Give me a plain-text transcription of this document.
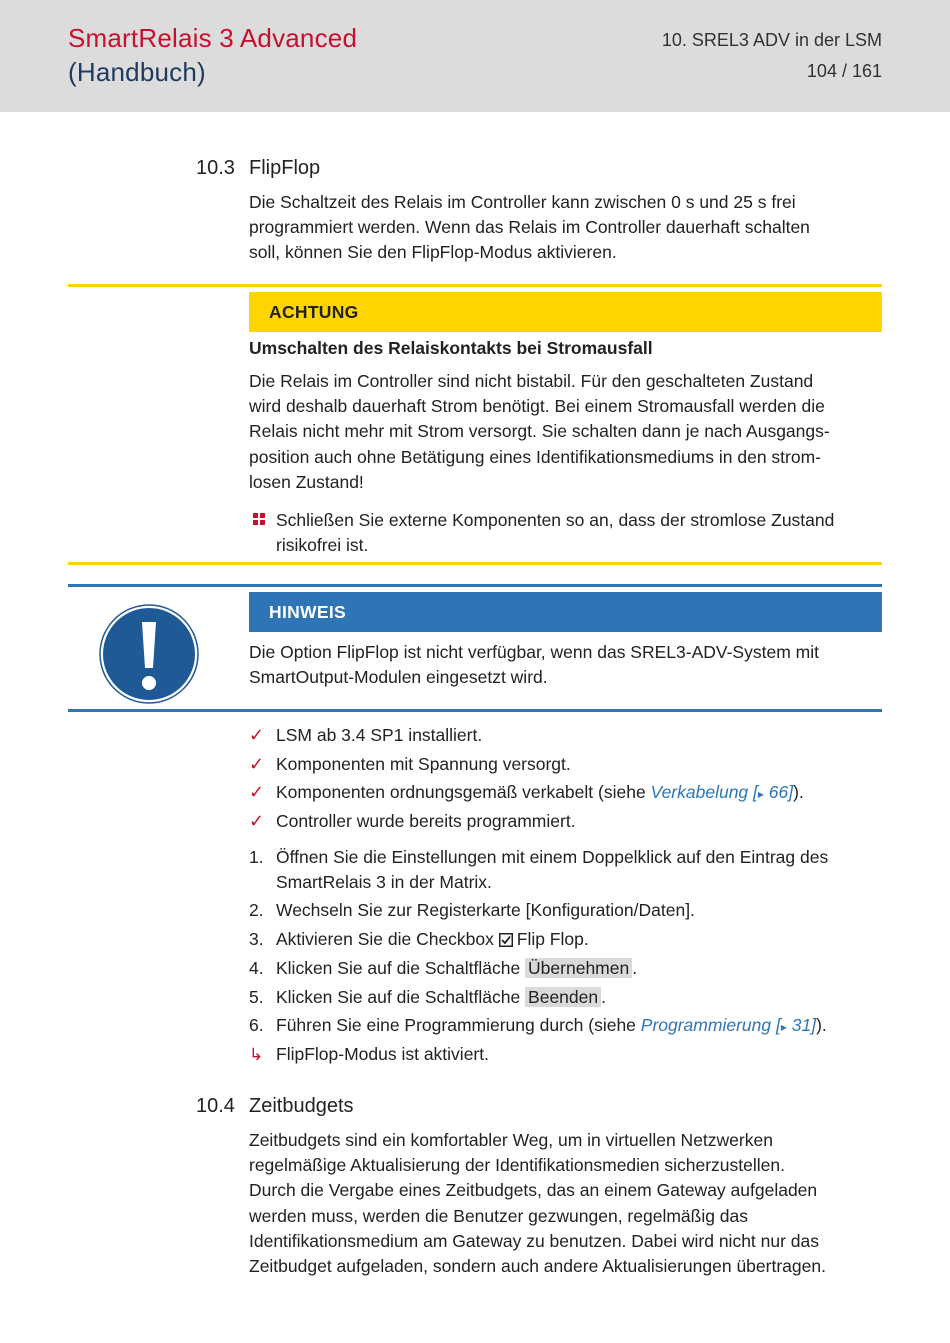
SmartRelais 3 Advanced
(Handbuch)
10. SREL3 ADV in der LSM
104 / 161
10.3 FlipFlop
Die Schaltzeit des Relais im Controller kann zwischen 0 s und 25 s frei
programmiert werden. Wenn das Relais im Controller dauerhaft schalten
soll, können Sie den FlipFlop-Modus aktivieren.
ACHTUNG
Umschalten des Relaiskontakts bei Stromausfall
Die Relais im Controller sind nicht bistabil. Für den geschalteten Zustand
wird deshalb dauerhaft Strom benötigt. Bei einem Stromausfall werden die
Relais nicht mehr mit Strom versorgt. Sie schalten dann je nach Ausgangs-
position auch ohne Betätigung eines Identifikationsmediums in den strom-
losen Zustand!
Schließen Sie externe Komponenten so an, dass der stromlose Zustand
risikofrei ist.
HINWEIS
Die Option FlipFlop ist nicht verfügbar, wenn das SREL3-ADV-System mit
SmartOutput-Modulen eingesetzt wird.
✓ LSM ab 3.4 SP1 installiert.
✓ Komponenten mit Spannung versorgt.
✓ Komponenten ordnungsgemäß verkabelt (siehe Verkabelung [▸ 66]).
✓ Controller wurde bereits programmiert.
1. Öffnen Sie die Einstellungen mit einem Doppelklick auf den Eintrag des
SmartRelais 3 in der Matrix.
2. Wechseln Sie zur Registerkarte [Konfiguration/Daten].
3. Aktivieren Sie die Checkbox Flip Flop.
4. Klicken Sie auf die Schaltfläche Übernehmen .
5. Klicken Sie auf die Schaltfläche Beenden .
6. Führen Sie eine Programmierung durch (siehe Programmierung [▸ 31]).
↳ FlipFlop-Modus ist aktiviert.
10.4 Zeitbudgets
Zeitbudgets sind ein komfortabler Weg, um in virtuellen Netzwerken
regelmäßige Aktualisierung der Identifikationsmedien sicherzustellen.
Durch die Vergabe eines Zeitbudgets, das an einem Gateway aufgeladen
werden muss, werden die Benutzer gezwungen, regelmäßig das
Identifikationsmedium am Gateway zu benutzen. Dabei wird nicht nur das
Zeitbudget aufgeladen, sondern auch andere Aktualisierungen übertragen.
